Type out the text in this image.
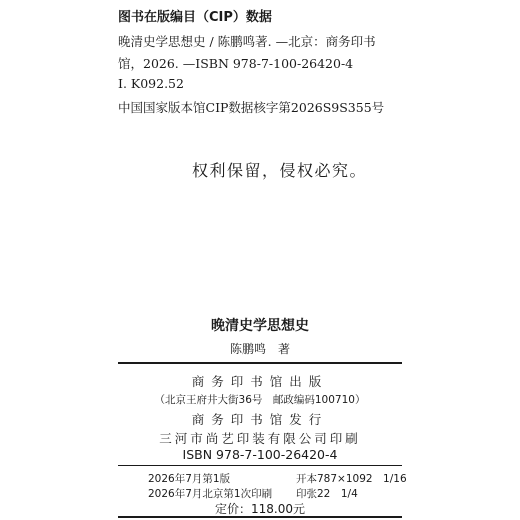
图书在版编目（CIP）数据
晚清史学思想史 / 陈鹏鸣著. —北京：商务印书
馆，2026. —ISBN 978-7-100-26420-4
Ⅰ. K092.52
中国国家版本馆CIP数据核字第2026S9S355号
权利保留，侵权必究。
晚清史学思想史
陈鹏鸣　著
商务印书馆出版
（北京王府井大街36号　邮政编码100710）
商务印书馆发行
三河市尚艺印装有限公司印刷
ISBN 978-7-100-26420-4
2026年7月第1版	开本787×1092　1/16
2026年7月北京第1次印刷 印张22　1/4
定价：118.00元
